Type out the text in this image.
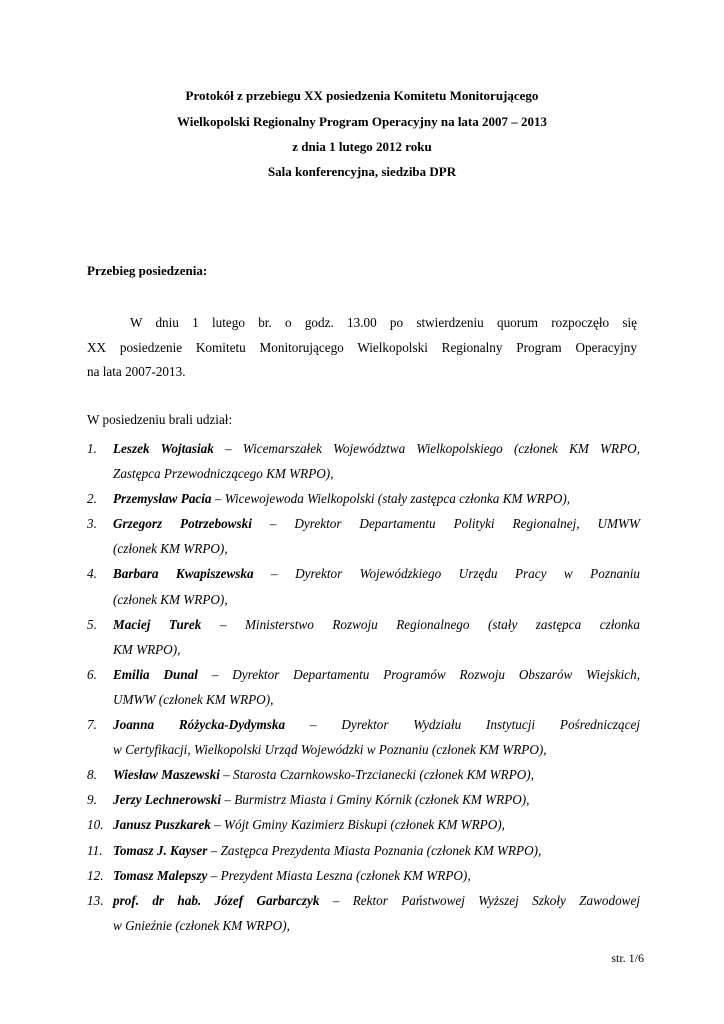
Protokół z przebiegu XX posiedzenia Komitetu Monitorującego
Wielkopolski Regionalny Program Operacyjny na lata 2007 – 2013
z dnia 1 lutego 2012 roku
Sala konferencyjna, siedziba DPR
Przebieg posiedzenia:
W dniu 1 lutego br. o godz. 13.00 po stwierdzeniu quorum rozpoczęło się
XX posiedzenie Komitetu Monitorującego Wielkopolski Regionalny Program Operacyjny
na lata 2007-2013.
W posiedzeniu brali udział:
1. Leszek Wojtasiak – Wicemarszałek Województwa Wielkopolskiego (członek KM WRPO,
Zastępca Przewodniczącego KM WRPO),
2. Przemysław Pacia – Wicewojewoda Wielkopolski (stały zastępca członka KM WRPO),
3. Grzegorz Potrzebowski – Dyrektor Departamentu Polityki Regionalnej, UMWW
(członek KM WRPO),
4. Barbara Kwapiszewska – Dyrektor Wojewódzkiego Urzędu Pracy w Poznaniu
(członek KM WRPO),
5. Maciej Turek – Ministerstwo Rozwoju Regionalnego (stały zastępca członka
KM WRPO),
6. Emilia Dunal – Dyrektor Departamentu Programów Rozwoju Obszarów Wiejskich,
UMWW (członek KM WRPO),
7. Joanna Różycka-Dydymska – Dyrektor Wydziału Instytucji Pośredniczącej
w Certyfikacji, Wielkopolski Urząd Wojewódzki w Poznaniu (członek KM WRPO),
8. Wiesław Maszewski – Starosta Czarnkowsko-Trzcianecki (członek KM WRPO),
9. Jerzy Lechnerowski – Burmistrz Miasta i Gminy Kórnik (członek KM WRPO),
10. Janusz Puszkarek – Wójt Gminy Kazimierz Biskupi (członek KM WRPO),
11. Tomasz J. Kayser – Zastępca Prezydenta Miasta Poznania (członek KM WRPO),
12. Tomasz Malepszy – Prezydent Miasta Leszna (członek KM WRPO),
13. prof. dr hab. Józef Garbarczyk – Rektor Państwowej Wyższej Szkoły Zawodowej
w Gnieźnie (członek KM WRPO),
str. 1/6
